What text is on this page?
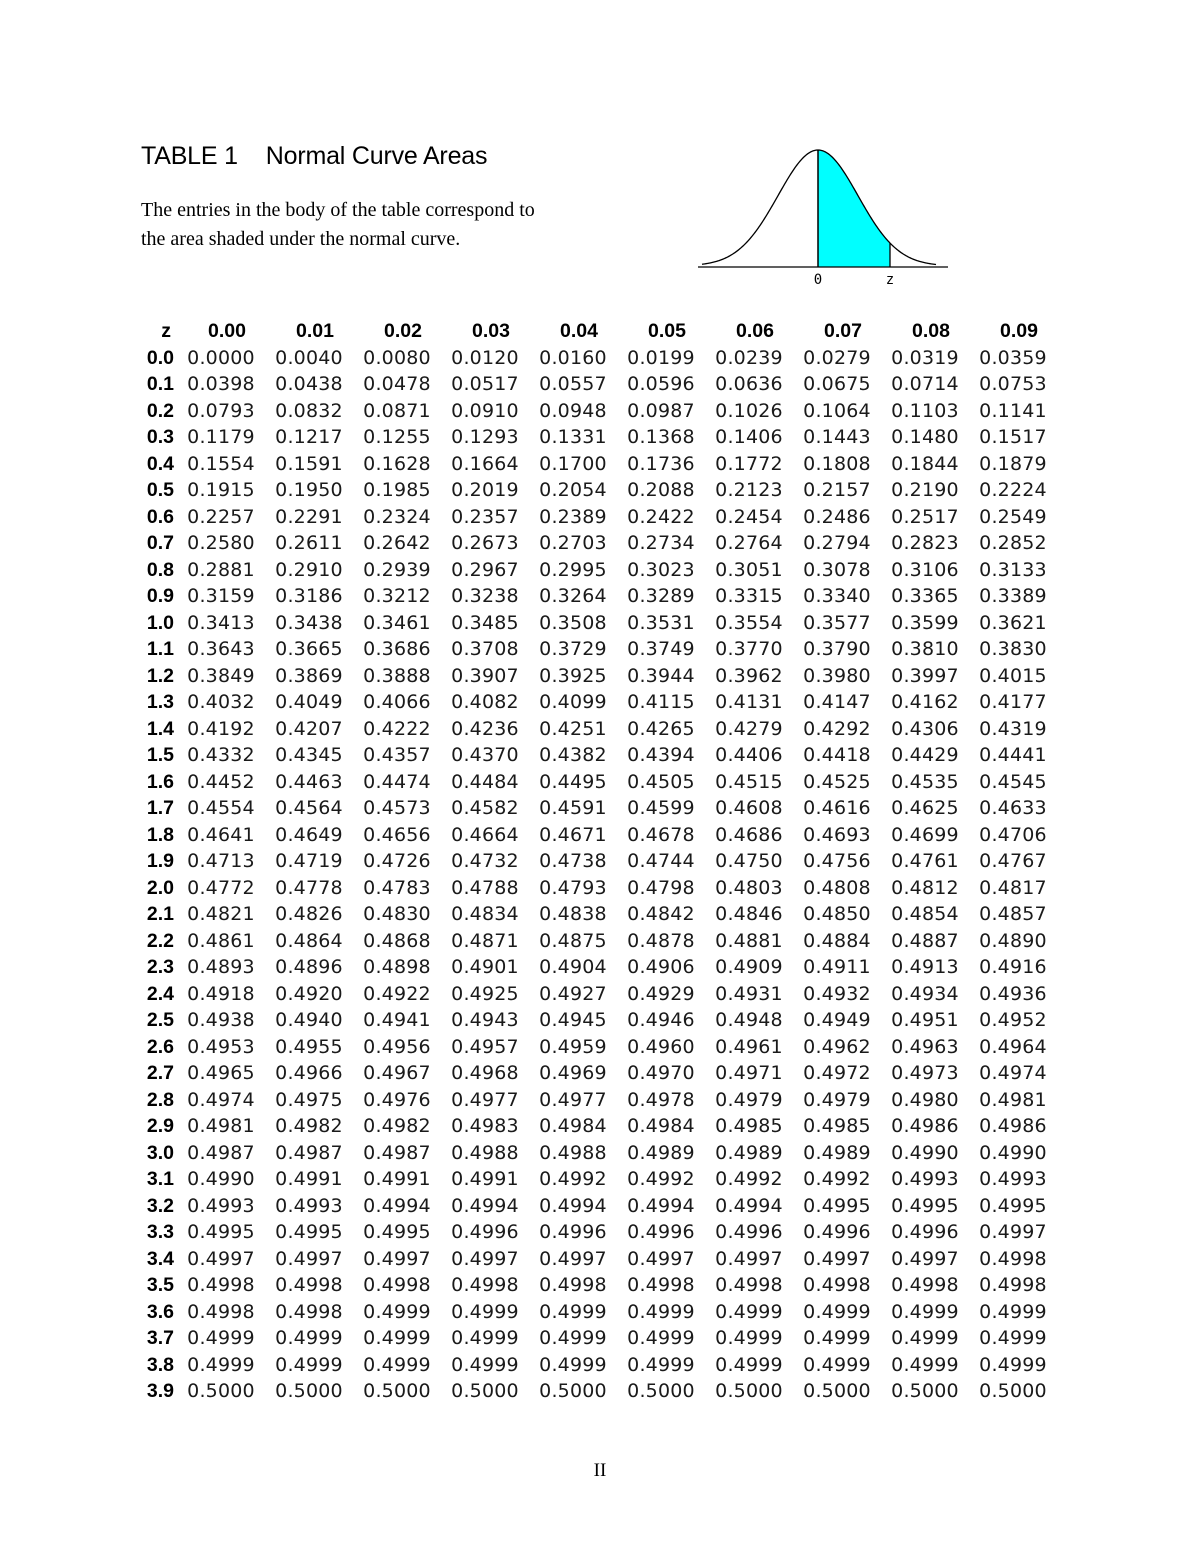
TABLE 1 Normal Curve Areas
The entries in the body of the table correspond to
the area shaded under the normal curve.
0	z
z	0.00	0.01	0.02	0.03	0.04	0.05	0.06	0.07	0.08	0.09
0.0	0.0000	0.0040	0.0080	0.0120	0.0160	0.0199	0.0239	0.0279	0.0319	0.0359
0.1	0.0398	0.0438	0.0478	0.0517	0.0557	0.0596	0.0636	0.0675	0.0714	0.0753
0.2	0.0793	0.0832	0.0871	0.0910	0.0948	0.0987	0.1026	0.1064	0.1103	0.1141
0.3	0.1179	0.1217	0.1255	0.1293	0.1331	0.1368	0.1406	0.1443	0.1480	0.1517
0.4	0.1554	0.1591	0.1628	0.1664	0.1700	0.1736	0.1772	0.1808	0.1844	0.1879
0.5	0.1915	0.1950	0.1985	0.2019	0.2054	0.2088	0.2123	0.2157	0.2190	0.2224
0.6	0.2257	0.2291	0.2324	0.2357	0.2389	0.2422	0.2454	0.2486	0.2517	0.2549
0.7	0.2580	0.2611	0.2642	0.2673	0.2703	0.2734	0.2764	0.2794	0.2823	0.2852
0.8	0.2881	0.2910	0.2939	0.2967	0.2995	0.3023	0.3051	0.3078	0.3106	0.3133
0.9	0.3159	0.3186	0.3212	0.3238	0.3264	0.3289	0.3315	0.3340	0.3365	0.3389
1.0	0.3413	0.3438	0.3461	0.3485	0.3508	0.3531	0.3554	0.3577	0.3599	0.3621
1.1	0.3643	0.3665	0.3686	0.3708	0.3729	0.3749	0.3770	0.3790	0.3810	0.3830
1.2	0.3849	0.3869	0.3888	0.3907	0.3925	0.3944	0.3962	0.3980	0.3997	0.4015
1.3	0.4032	0.4049	0.4066	0.4082	0.4099	0.4115	0.4131	0.4147	0.4162	0.4177
1.4	0.4192	0.4207	0.4222	0.4236	0.4251	0.4265	0.4279	0.4292	0.4306	0.4319
1.5	0.4332	0.4345	0.4357	0.4370	0.4382	0.4394	0.4406	0.4418	0.4429	0.4441
1.6	0.4452	0.4463	0.4474	0.4484	0.4495	0.4505	0.4515	0.4525	0.4535	0.4545
1.7	0.4554	0.4564	0.4573	0.4582	0.4591	0.4599	0.4608	0.4616	0.4625	0.4633
1.8	0.4641	0.4649	0.4656	0.4664	0.4671	0.4678	0.4686	0.4693	0.4699	0.4706
1.9	0.4713	0.4719	0.4726	0.4732	0.4738	0.4744	0.4750	0.4756	0.4761	0.4767
2.0	0.4772	0.4778	0.4783	0.4788	0.4793	0.4798	0.4803	0.4808	0.4812	0.4817
2.1	0.4821	0.4826	0.4830	0.4834	0.4838	0.4842	0.4846	0.4850	0.4854	0.4857
2.2	0.4861	0.4864	0.4868	0.4871	0.4875	0.4878	0.4881	0.4884	0.4887	0.4890
2.3	0.4893	0.4896	0.4898	0.4901	0.4904	0.4906	0.4909	0.4911	0.4913	0.4916
2.4	0.4918	0.4920	0.4922	0.4925	0.4927	0.4929	0.4931	0.4932	0.4934	0.4936
2.5	0.4938	0.4940	0.4941	0.4943	0.4945	0.4946	0.4948	0.4949	0.4951	0.4952
2.6	0.4953	0.4955	0.4956	0.4957	0.4959	0.4960	0.4961	0.4962	0.4963	0.4964
2.7	0.4965	0.4966	0.4967	0.4968	0.4969	0.4970	0.4971	0.4972	0.4973	0.4974
2.8	0.4974	0.4975	0.4976	0.4977	0.4977	0.4978	0.4979	0.4979	0.4980	0.4981
2.9	0.4981	0.4982	0.4982	0.4983	0.4984	0.4984	0.4985	0.4985	0.4986	0.4986
3.0	0.4987	0.4987	0.4987	0.4988	0.4988	0.4989	0.4989	0.4989	0.4990	0.4990
3.1	0.4990	0.4991	0.4991	0.4991	0.4992	0.4992	0.4992	0.4992	0.4993	0.4993
3.2	0.4993	0.4993	0.4994	0.4994	0.4994	0.4994	0.4994	0.4995	0.4995	0.4995
3.3	0.4995	0.4995	0.4995	0.4996	0.4996	0.4996	0.4996	0.4996	0.4996	0.4997
3.4	0.4997	0.4997	0.4997	0.4997	0.4997	0.4997	0.4997	0.4997	0.4997	0.4998
3.5	0.4998	0.4998	0.4998	0.4998	0.4998	0.4998	0.4998	0.4998	0.4998	0.4998
3.6	0.4998	0.4998	0.4999	0.4999	0.4999	0.4999	0.4999	0.4999	0.4999	0.4999
3.7	0.4999	0.4999	0.4999	0.4999	0.4999	0.4999	0.4999	0.4999	0.4999	0.4999
3.8	0.4999	0.4999	0.4999	0.4999	0.4999	0.4999	0.4999	0.4999	0.4999	0.4999
3.9	0.5000	0.5000	0.5000	0.5000	0.5000	0.5000	0.5000	0.5000	0.5000	0.5000
II
